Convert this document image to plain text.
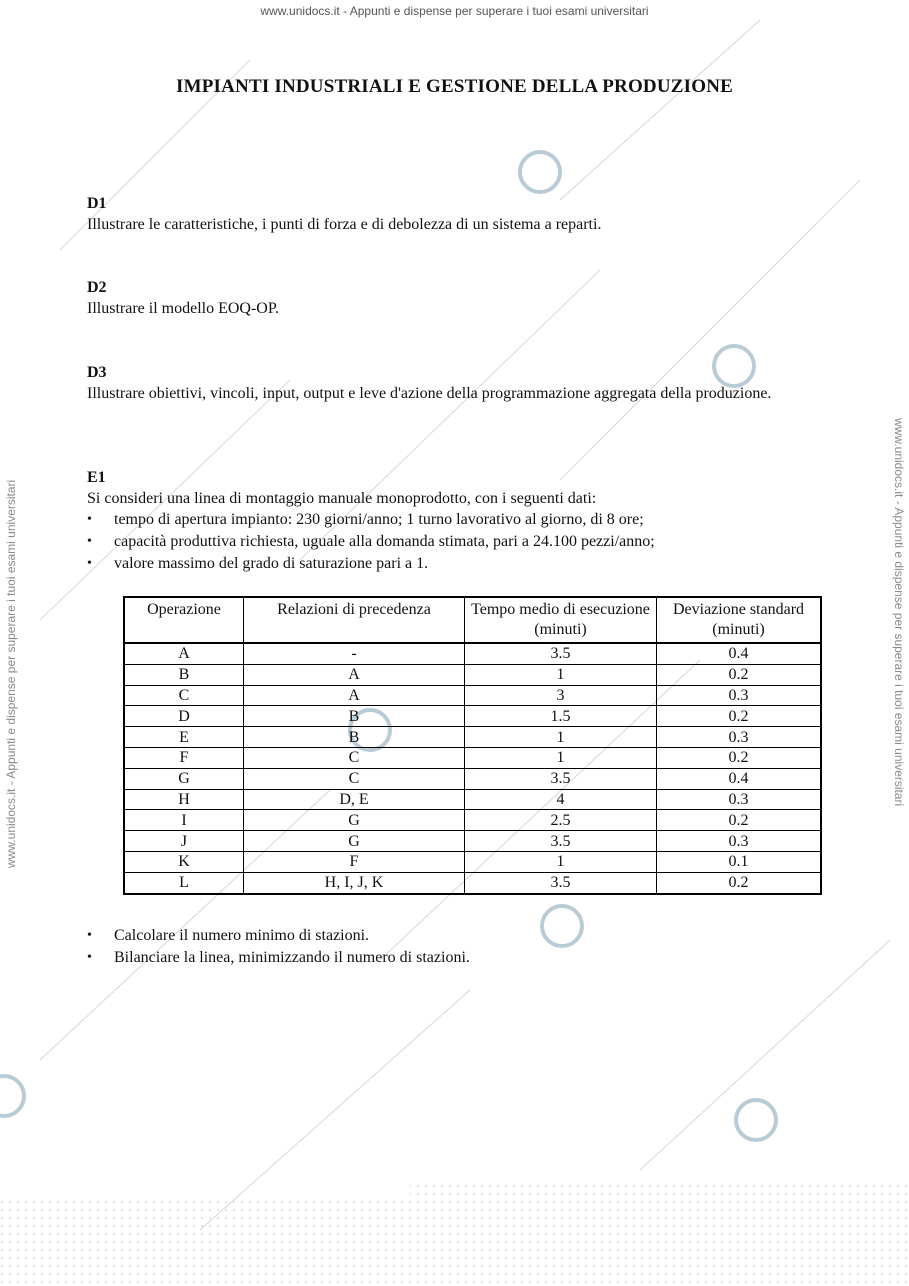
www.unidocs.it - Appunti e dispense per superare i tuoi esami universitari
www.unidocs.it - Appunti e dispense per superare i tuoi esami universitari	www.unidocs.it - Appunti e dispense per superare i tuoi esami universitari
IMPIANTI INDUSTRIALI E GESTIONE DELLA PRODUZIONE
D1

Illustrare le caratteristiche, i punti di forza e di debolezza di un sistema a reparti.

D2

Illustrare il modello EOQ-OP.

D3

Illustrare obiettivi, vincoli, input, output e leve d'azione della programmazione aggregata della produzione.

E1

Si consideri una linea di montaggio manuale monoprodotto, con i seguenti dati:

• tempo di apertura impianto: 230 giorni/anno; 1 turno lavorativo al giorno, di 8 ore;
• capacità produttiva richiesta, uguale alla domanda stimata, pari a 24.100 pezzi/anno;
• valore massimo del grado di saturazione pari a 1.
Operazione	Relazioni di precedenza	Tempo medio di esecuzione (minuti)	Deviazione standard (minuti)
A	-	3.5	0.4
B	A	1	0.2
C	A	3	0.3
D	B	1.5	0.2
E	B	1	0.3
F	C	1	0.2
G	C	3.5	0.4
H	D, E	4	0.3
I	G	2.5	0.2
J	G	3.5	0.3
K	F	1	0.1
L	H, I, J, K	3.5	0.2
• Calcolare il numero minimo di stazioni.
• Bilanciare la linea, minimizzando il numero di stazioni.
